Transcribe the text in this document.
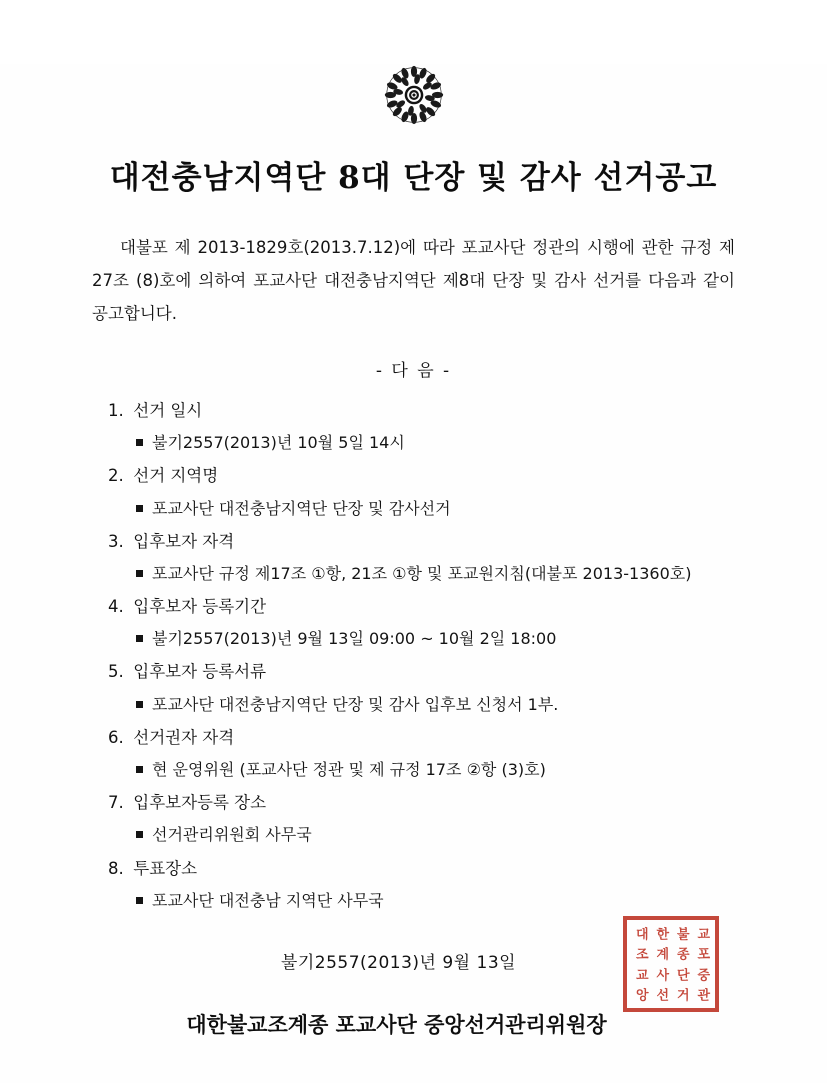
대전충남지역단 8대 단장 및 감사 선거공고

대불포 제 2013-1829호(2013.7.12)에 따라 포교사단 정관의 시행에 관한 규정 제27조 (8)호에 의하여 포교사단 대전충남지역단 제8대 단장 및 감사 선거를 다음과 같이 공고합니다.

- 다 음 -
1. 선거 일시
불기2557(2013)년 10월 5일 14시
2. 선거 지역명
포교사단 대전충남지역단 단장 및 감사선거
3. 입후보자 자격
포교사단 규정 제17조 ①항, 21조 ①항 및 포교원지침(대불포 2013-1360호)
4. 입후보자 등록기간
불기2557(2013)년 9월 13일 09:00 ~ 10월 2일 18:00
5. 입후보자 등록서류
포교사단 대전충남지역단 단장 및 감사 입후보 신청서 1부.
6. 선거권자 자격
현 운영위원 (포교사단 정관 및 제 규정 17조 ②항 (3)호)
7. 입후보자등록 장소
선거관리위원회 사무국
8. 투표장소
포교사단 대전충남 지역단 사무국
불기2557(2013)년 9월 13일
대한불교조계종 포교사단 중앙선거관리위원장
대 한 불 교
조 계 종 포
교 사 단 중
앙 선 거 관
